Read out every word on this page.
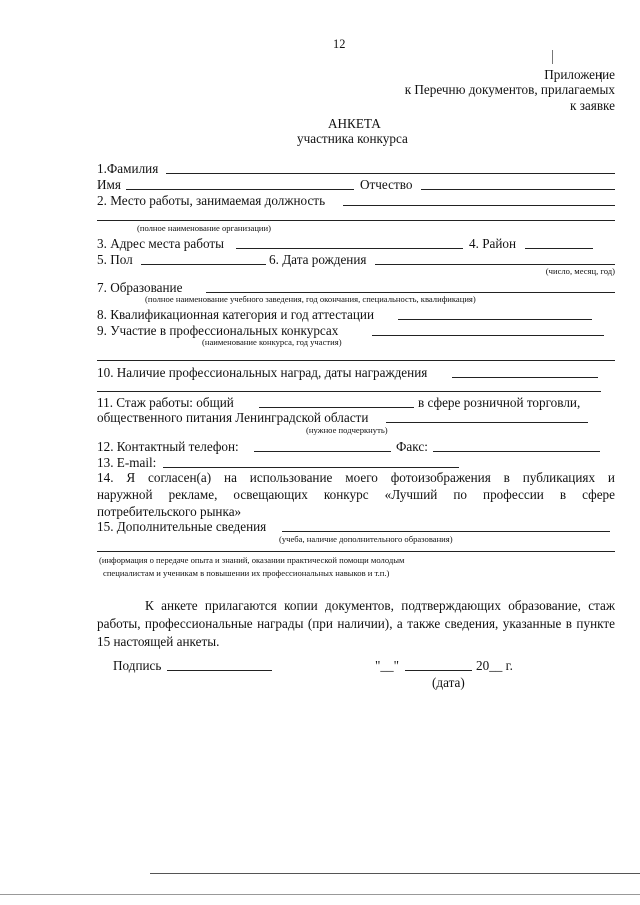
12
Приложение
к Перечню документов, прилагаемых
к заявке
АНКЕТА
участника конкурса
1.Фамилия
Имя	Отчество
2. Место работы, занимаемая должность
(полное наименование организации)
3. Адрес места работы	4. Район
5. Пол	6. Дата рождения
(число, месяц, год)
7. Образование
(полное наименование учебного заведения, год окончания, специальность, квалификация)
8. Квалификационная категория и год аттестации
9. Участие в профессиональных конкурсах
(наименование конкурса, год участия)
10. Наличие профессиональных наград, даты награждения
11. Стаж работы: общий	в сфере розничной торговли,
общественного питания Ленинградской области
(нужное подчеркнуть)
12. Контактный телефон:	Факс:
13. E-mail:
14. Я согласен(а) на использование моего фотоизображения в публикациях и
наружной рекламе, освещающих конкурс «Лучший по профессии в сфере
потребительского рынка»
15. Дополнительные сведения
(учеба, наличие дополнительного образования)
(информация о передаче опыта и знаний, оказании практической помощи молодым
специалистам и ученикам в повышении их профессиональных навыков и т.п.)
К анкете прилагаются копии документов, подтверждающих образование, стаж работы, профессиональные награды (при наличии), а также сведения, указанные в пункте 15 настоящей анкеты.
Подпись	"__"	20__ г.
(дата)
